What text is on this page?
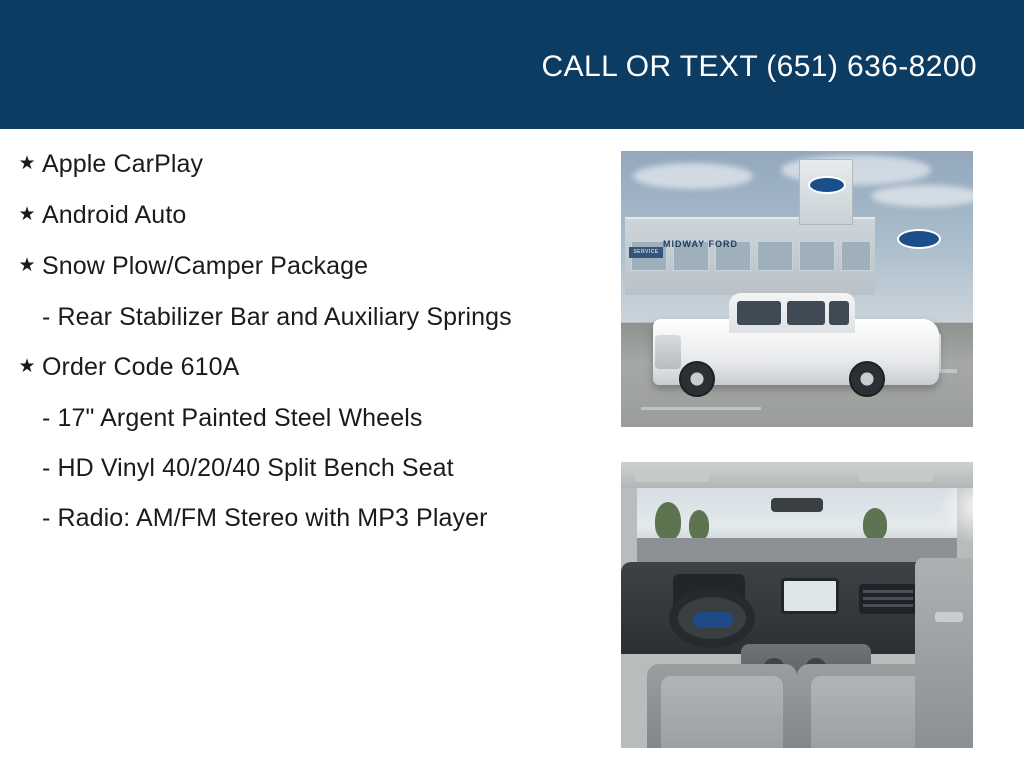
CALL OR TEXT (651) 636-8200
★ Apple CarPlay
★ Android Auto
★ Snow Plow/Camper Package
- Rear Stabilizer Bar and Auxiliary Springs
★ Order Code 610A
- 17" Argent Painted Steel Wheels
- HD Vinyl 40/20/40 Split Bench Seat
- Radio: AM/FM Stereo with MP3 Player
MIDWAY FORD
SERVICE
